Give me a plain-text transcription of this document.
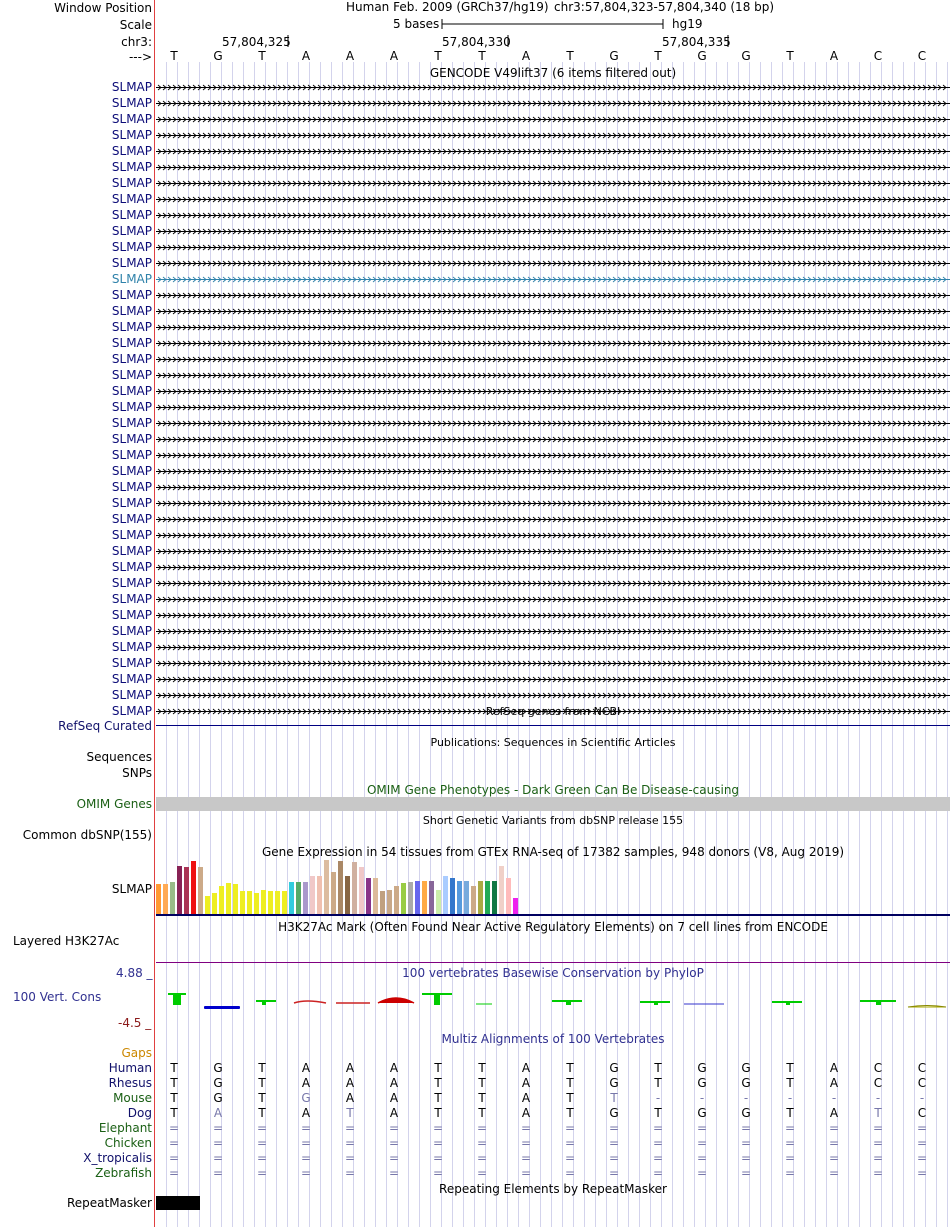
Window Position	Human Feb. 2009 (GRCh37/hg19) chr3:57,804,323-57,804,340 (18 bp)
Scale	5 bases	hg19
chr3:	57,804,325	57,804,330	57,804,335
--->	T	G	T	A	A	A	T	T	A	T	G	T	G	G	T	A	C	C
GENCODE V49lift37 (6 items filtered out)
SLMAP
SLMAP
SLMAP
SLMAP
SLMAP
SLMAP
SLMAP
SLMAP
SLMAP
SLMAP
SLMAP
SLMAP
SLMAP
SLMAP
SLMAP
SLMAP
SLMAP
SLMAP
SLMAP
SLMAP
SLMAP
SLMAP
SLMAP
SLMAP
SLMAP
SLMAP
SLMAP
SLMAP
SLMAP
SLMAP
SLMAP
SLMAP
SLMAP
SLMAP
SLMAP
SLMAP
SLMAP
SLMAP
SLMAP
SLMAP	RefSeq genes from NCBI
RefSeq Curated
Publications: Sequences in Scientific Articles
Sequences
SNPs
OMIM Gene Phenotypes - Dark Green Can Be Disease-causing
OMIM Genes
Short Genetic Variants from dbSNP release 155
Common dbSNP(155)
Gene Expression in 54 tissues from GTEx RNA-seq of 17382 samples, 948 donors (V8, Aug 2019)
SLMAP
H3K27Ac Mark (Often Found Near Active Regulatory Elements) on 7 cell lines from ENCODE
Layered H3K27Ac
100 vertebrates Basewise Conservation by PhyloP
4.88 _
100 Vert. Cons
-4.5 _
Multiz Alignments of 100 Vertebrates
Gaps
Human	T	G	T	A	A	A	T	T	A	T	G	T	G	G	T	A	C	C
Rhesus	T	G	T	A	A	A	T	T	A	T	G	T	G	G	T	A	C	C
Mouse	T	G	T	G	A	A	T	T	A	T	T	-	-	-	-	-	-	-
Dog	T	A	T	A	T	A	T	T	A	T	G	T	G	G	T	A	T	C
Elephant	=	=	=	=	=	=	=	=	=	=	=	=	=	=	=	=	=	=
Chicken	=	=	=	=	=	=	=	=	=	=	=	=	=	=	=	=	=	=
X_tropicalis	=	=	=	=	=	=	=	=	=	=	=	=	=	=	=	=	=	=
Zebrafish	=	=	=	=	=	=	=	=	=	=	=	=	=	=	=	=	=	=
Repeating Elements by RepeatMasker
RepeatMasker
